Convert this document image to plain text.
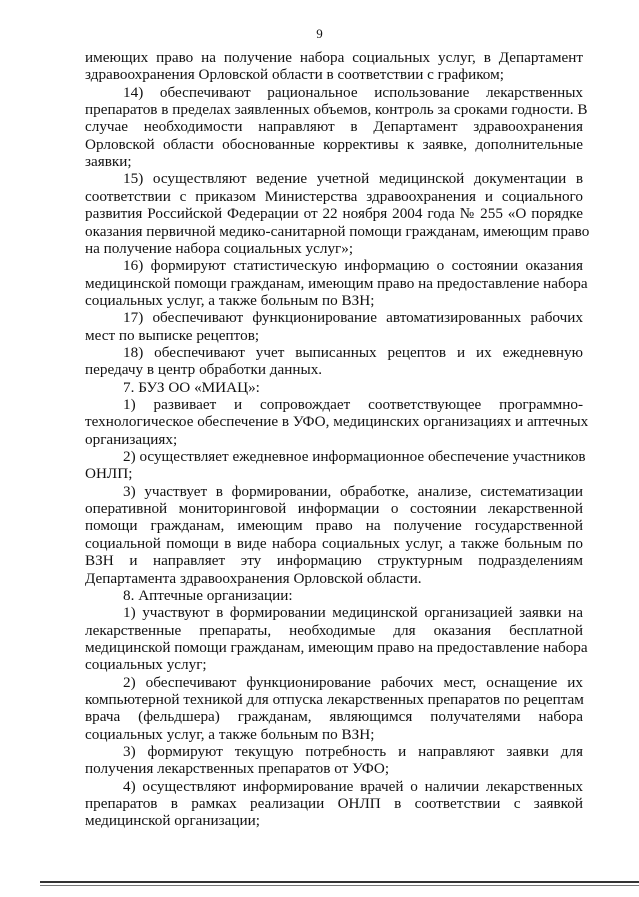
9
имеющих право на получение набора социальных услуг, в Департамент
здравоохранения Орловской области в соответствии с графиком;
14) обеспечивают рациональное использование лекарственных
препаратов в пределах заявленных объемов, контроль за сроками годности. В
случае необходимости направляют в Департамент здравоохранения
Орловской области обоснованные коррективы к заявке, дополнительные
заявки;
15) осуществляют ведение учетной медицинской документации в
соответствии с приказом Министерства здравоохранения и социального
развития Российской Федерации от 22 ноября 2004 года № 255 «О порядке
оказания первичной медико-санитарной помощи гражданам, имеющим право
на получение набора социальных услуг»;
16) формируют статистическую информацию о состоянии оказания
медицинской помощи гражданам, имеющим право на предоставление набора
социальных услуг, а также больным по ВЗН;
17) обеспечивают функционирование автоматизированных рабочих
мест по выписке рецептов;
18) обеспечивают учет выписанных рецептов и их ежедневную
передачу в центр обработки данных.
7. БУЗ ОО «МИАЦ»:
1) развивает и сопровождает соответствующее программно-
технологическое обеспечение в УФО, медицинских организациях и аптечных
организациях;
2) осуществляет ежедневное информационное обеспечение участников
ОНЛП;
3) участвует в формировании, обработке, анализе, систематизации
оперативной мониторинговой информации о состоянии лекарственной
помощи гражданам, имеющим право на получение государственной
социальной помощи в виде набора социальных услуг, а также больным по
ВЗН и направляет эту информацию структурным подразделениям
Департамента здравоохранения Орловской области.
8. Аптечные организации:
1) участвуют в формировании медицинской организацией заявки на
лекарственные препараты, необходимые для оказания бесплатной
медицинской помощи гражданам, имеющим право на предоставление набора
социальных услуг;
2) обеспечивают функционирование рабочих мест, оснащение их
компьютерной техникой для отпуска лекарственных препаратов по рецептам
врача (фельдшера) гражданам, являющимся получателями набора
социальных услуг, а также больным по ВЗН;
3) формируют текущую потребность и направляют заявки для
получения лекарственных препаратов от УФО;
4) осуществляют информирование врачей о наличии лекарственных
препаратов в рамках реализации ОНЛП в соответствии с заявкой
медицинской организации;
